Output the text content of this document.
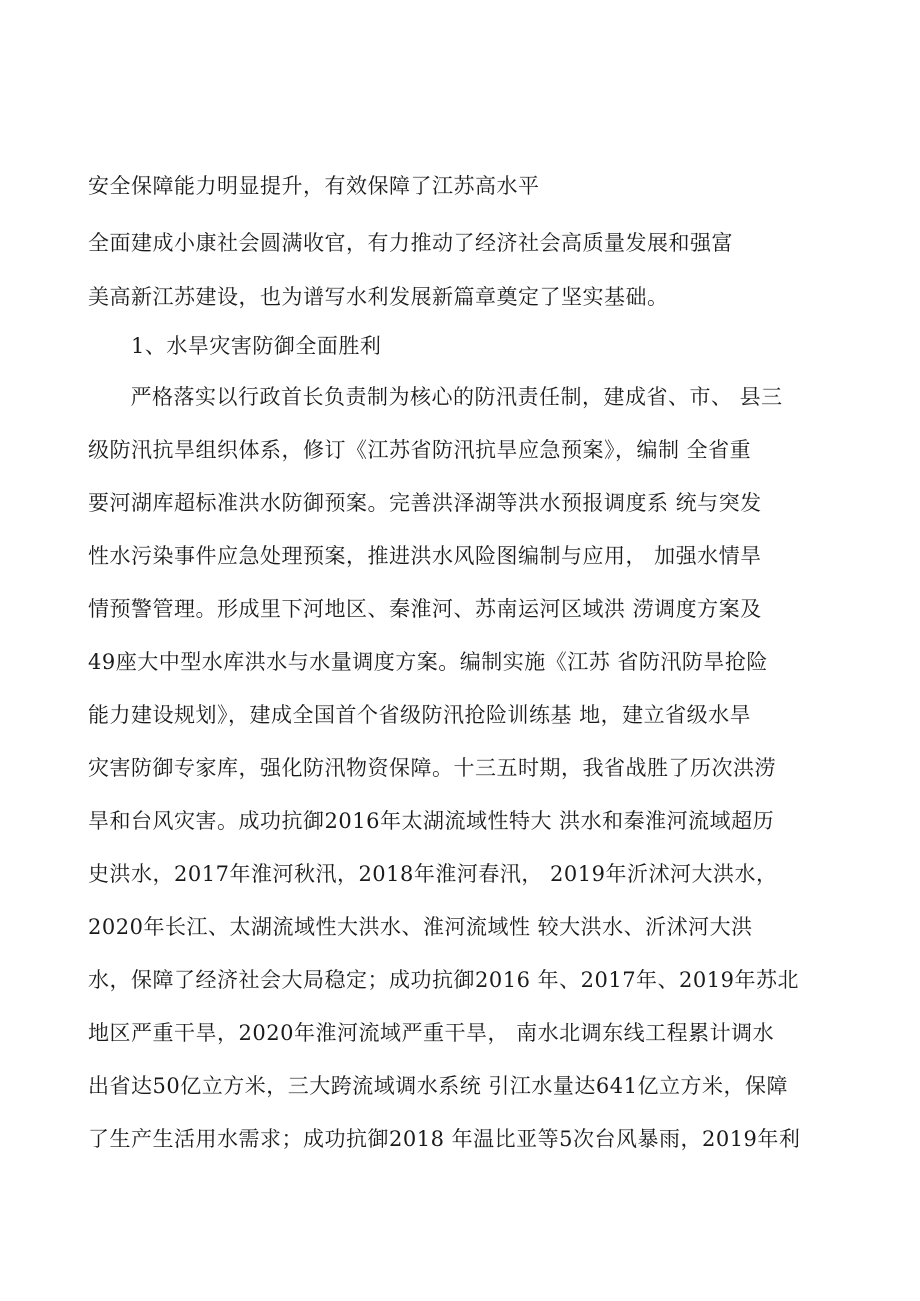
安全保障能力明显提升，有效保障了江苏高水平
全面建成小康社会圆满收官，有力推动了经济社会高质量发展和强富
美高新江苏建设，也为谱写水利发展新篇章奠定了坚实基础。
1、水旱灾害防御全面胜利
　严格落实以行政首长负责制为核心的防汛责任制，建成省、市、 县三
级防汛抗旱组织体系，修订《江苏省防汛抗旱应急预案》，编制 全省重
要河湖库超标准洪水防御预案。完善洪泽湖等洪水预报调度系 统与突发
性水污染事件应急处理预案，推进洪水风险图编制与应用， 加强水情旱
情预警管理。形成里下河地区、秦淮河、苏南运河区域洪 涝调度方案及
49座大中型水库洪水与水量调度方案。编制实施《江苏 省防汛防旱抢险
能力建设规划》，建成全国首个省级防汛抢险训练基 地，建立省级水旱
灾害防御专家库，强化防汛物资保障。十三五时期，我省战胜了历次洪涝
旱和台风灾害。成功抗御2016年太湖流域性特大 洪水和秦淮河流域超历
史洪水，2017年淮河秋汛，2018年淮河春汛， 2019年沂沭河大洪水，
2020年长江、太湖流域性大洪水、淮河流域性 较大洪水、沂沭河大洪
水，保障了经济社会大局稳定；成功抗御2016 年、2017年、2019年苏北
地区严重干旱，2020年淮河流域严重干旱， 南水北调东线工程累计调水
出省达50亿立方米，三大跨流域调水系统 引江水量达641亿立方米，保障
了生产生活用水需求；成功抗御2018 年温比亚等5次台风暴雨，2019年利
